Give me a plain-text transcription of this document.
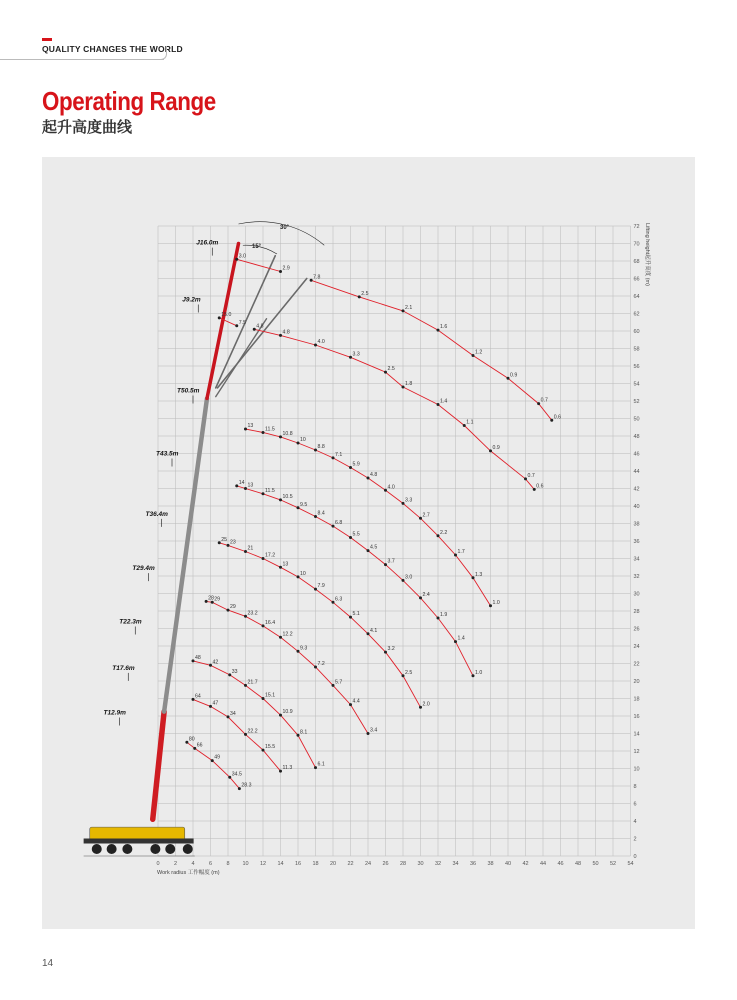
QUALITY CHANGES THE WORLD
Operating Range
起升高度曲线
80
66
49
34.5
28.3
64
47
34
22.2
15.5
11.3
48
42
33
21.7
15.1
10.9
8.1
6.1
28 29
29
23.2
16.4
12.2
9.3
7.2
5.7
4.4
3.4
25 23
21
17.2
13
10
7.9
6.3
5.1
4.1
3.2
2.5
2.0
14 13
11.5
10.5
9.5
8.4
6.8
5.5
4.5
3.7
3.0
2.4
1.9
1.4
1.0
13
11.5
10.8
10
8.8
7.1
5.9
4.8
4.0
3.3
2.7
2.2
1.7
1.3
1.0
15.0
7.5
4.8
4.8
4.0
3.3
2.5
1.8
1.4
1.1
0.9
0.7
0.6
3.0
2.9
7.8
2.5
2.1
1.6
1.2
0.9
0.7
0.6
T12.9m
T17.6m
T22.3m
T29.4m
T36.4m
T43.5m
T50.5m
J9.2m
J16.0m
0	2	4	6	8 10 12 14 16 18 20 22 24 26 28 30 32 34 36 38 40 42 44 46 48 50 52 54
0
2
4
6
8
10
12
14
16
18
20
22
24
26
28
30
32
34
36
38
40
42
44
46
48
50
52
54
56
58
60
62
64
66
68
70
72
Work radius 工作幅度 (m)
Lifting height起升高度 (m)
30°
15°
14
